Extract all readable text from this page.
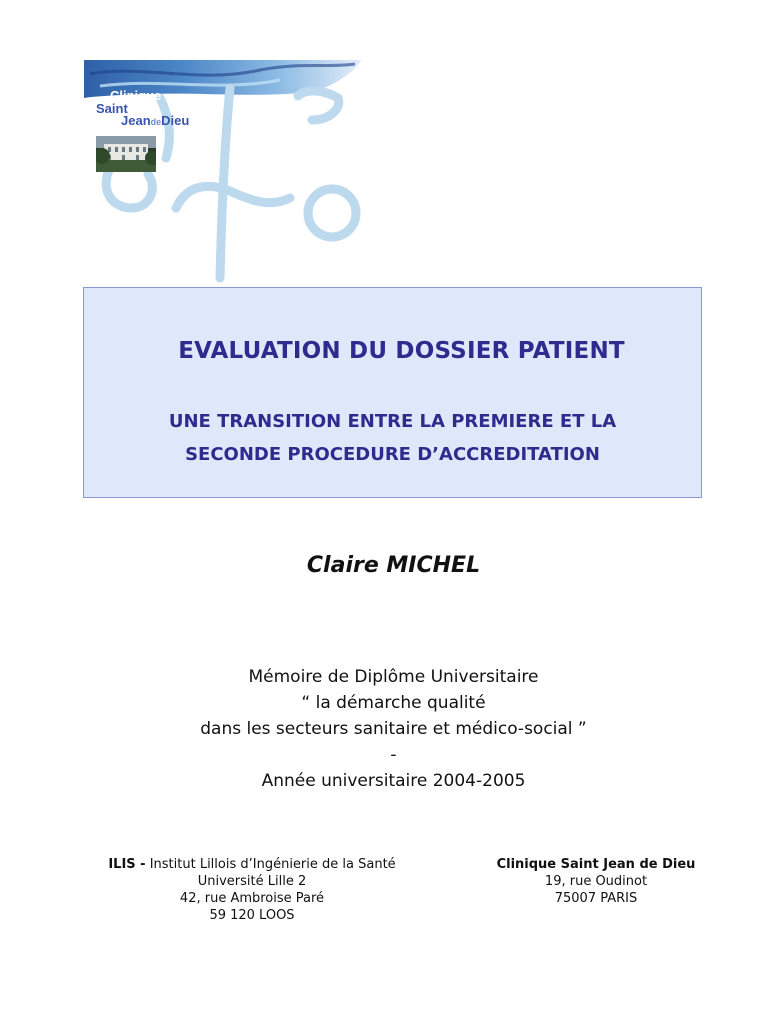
Clinique
Saint
JeandeDieu
EVALUATION DU DOSSIER PATIENT
UNE TRANSITION ENTRE LA PREMIERE ET LA
SECONDE PROCEDURE D’ACCREDITATION
Claire MICHEL
Mémoire de Diplôme Universitaire
“ la démarche qualité
dans les secteurs sanitaire et médico-social ”
-
Année universitaire 2004-2005
ILIS - Institut Lillois d’Ingénierie de la Santé
Université Lille 2
42, rue Ambroise Paré
59 120 LOOS
Clinique Saint Jean de Dieu
19, rue Oudinot
75007 PARIS
